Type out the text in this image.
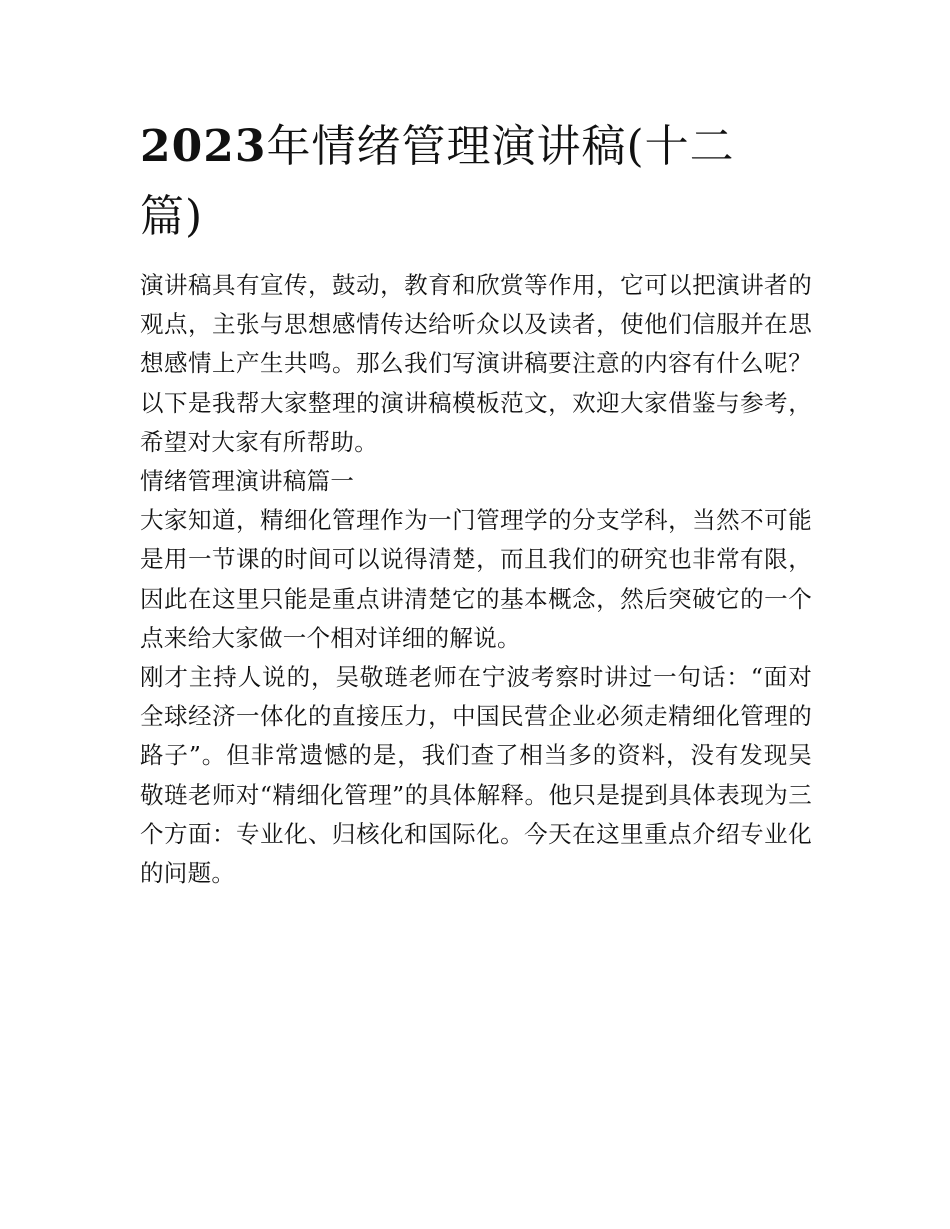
2023年情绪管理演讲稿(十二篇)

演讲稿具有宣传，鼓动，教育和欣赏等作用，它可以把演讲者的观点，主张与思想感情传达给听众以及读者，使他们信服并在思想感情上产生共鸣。那么我们写演讲稿要注意的内容有什么呢？以下是我帮大家整理的演讲稿模板范文，欢迎大家借鉴与参考，希望对大家有所帮助。

情绪管理演讲稿篇一

大家知道，精细化管理作为一门管理学的分支学科，当然不可能是用一节课的时间可以说得清楚，而且我们的研究也非常有限，因此在这里只能是重点讲清楚它的基本概念，然后突破它的一个点来给大家做一个相对详细的解说。

刚才主持人说的，吴敬琏老师在宁波考察时讲过一句话：“面对全球经济一体化的直接压力，中国民营企业必须走精细化管理的路子”。但非常遗憾的是，我们查了相当多的资料，没有发现吴敬琏老师对“精细化管理”的具体解释。他只是提到具体表现为三个方面：专业化、归核化和国际化。今天在这里重点介绍专业化的问题。
